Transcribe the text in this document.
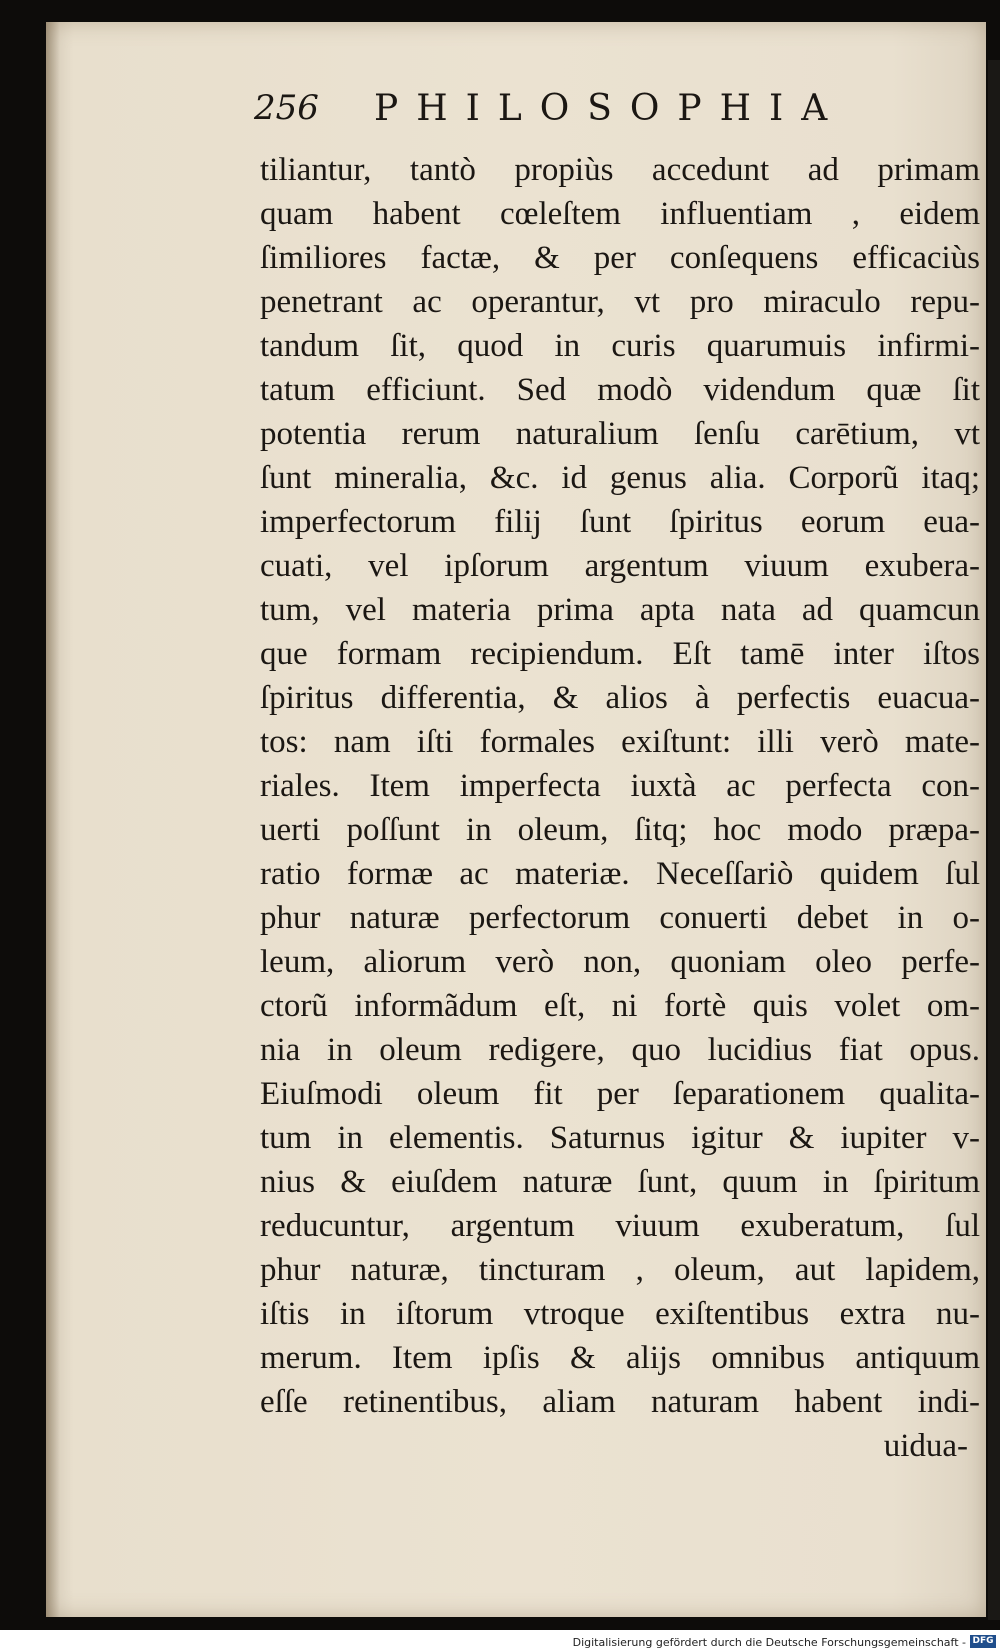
256 PHILOSOPHIA
tiliantur, tantò propiùs accedunt ad primam
quam habent cœleſtem influentiam , eidem
ſimiliores factæ, & per conſequens efficaciùs
penetrant ac operantur, vt pro miraculo repu-
tandum ſit, quod in curis quarumuis infirmi-
tatum efficiunt. Sed modò videndum quæ ſit
potentia rerum naturalium ſenſu carētium, vt
ſunt mineralia, &c. id genus alia. Corporũ itaq;
imperfectorum filij ſunt ſpiritus eorum eua-
cuati, vel ipſorum argentum viuum exubera-
tum, vel materia prima apta nata ad quamcun
que formam recipiendum. Eſt tamē inter iſtos
ſpiritus differentia, & alios à perfectis euacua-
tos: nam iſti formales exiſtunt: illi verò mate-
riales. Item imperfecta iuxtà ac perfecta con-
uerti poſſunt in oleum, ſitq; hoc modo præpa-
ratio formæ ac materiæ. Neceſſariò quidem ſul
phur naturæ perfectorum conuerti debet in o-
leum, aliorum verò non, quoniam oleo perfe-
ctorũ informãdum eſt, ni fortè quis volet om-
nia in oleum redigere, quo lucidius fiat opus.
Eiuſmodi oleum fit per ſeparationem qualita-
tum in elementis. Saturnus igitur & iupiter v-
nius & eiuſdem naturæ ſunt, quum in ſpiritum
reducuntur, argentum viuum exuberatum, ſul
phur naturæ, tincturam , oleum, aut lapidem,
iſtis in iſtorum vtroque exiſtentibus extra nu-
merum. Item ipſis & alijs omnibus antiquum
eſſe retinentibus, aliam naturam habent indi-
uidua-
Digitalisierung gefördert durch die Deutsche Forschungsgemeinschaft - DFG
